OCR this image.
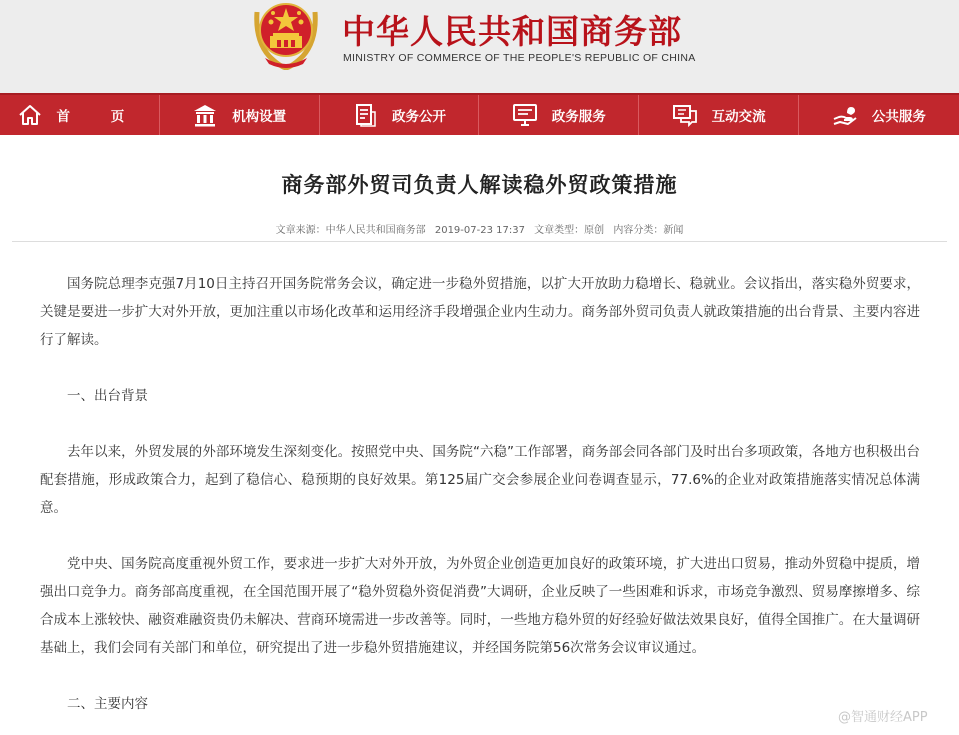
中华人民共和国商务部
MINISTRY OF COMMERCE OF THE PEOPLE'S REPUBLIC OF CHINA
首 页	机构设置	政务公开	政务服务	互动交流	公共服务
商务部外贸司负责人解读稳外贸政策措施
文章来源：中华人民共和国商务部 2019-07-23 17:37 文章类型：原创 内容分类：新闻

国务院总理李克强7月10日主持召开国务院常务会议，确定进一步稳外贸措施，以扩大开放助力稳增长、稳就业。会议指出，落实稳外贸要求，关键是要进一步扩大对外开放，更加注重以市场化改革和运用经济手段增强企业内生动力。商务部外贸司负责人就政策措施的出台背景、主要内容进行了解读。

一、出台背景

去年以来，外贸发展的外部环境发生深刻变化。按照党中央、国务院“六稳”工作部署，商务部会同各部门及时出台多项政策，各地方也积极出台配套措施，形成政策合力，起到了稳信心、稳预期的良好效果。第125届广交会参展企业问卷调查显示，77.6%的企业对政策措施落实情况总体满意。

党中央、国务院高度重视外贸工作，要求进一步扩大对外开放，为外贸企业创造更加良好的政策环境，扩大进出口贸易，推动外贸稳中提质，增强出口竞争力。商务部高度重视，在全国范围开展了“稳外贸稳外资促消费”大调研，企业反映了一些困难和诉求，市场竞争激烈、贸易摩擦增多、综合成本上涨较快、融资难融资贵仍未解决、营商环境需进一步改善等。同时，一些地方稳外贸的好经验好做法效果良好，值得全国推广。在大量调研基础上，我们会同有关部门和单位，研究提出了进一步稳外贸措施建议，并经国务院第56次常务会议审议通过。

二、主要内容

@智通财经APP
